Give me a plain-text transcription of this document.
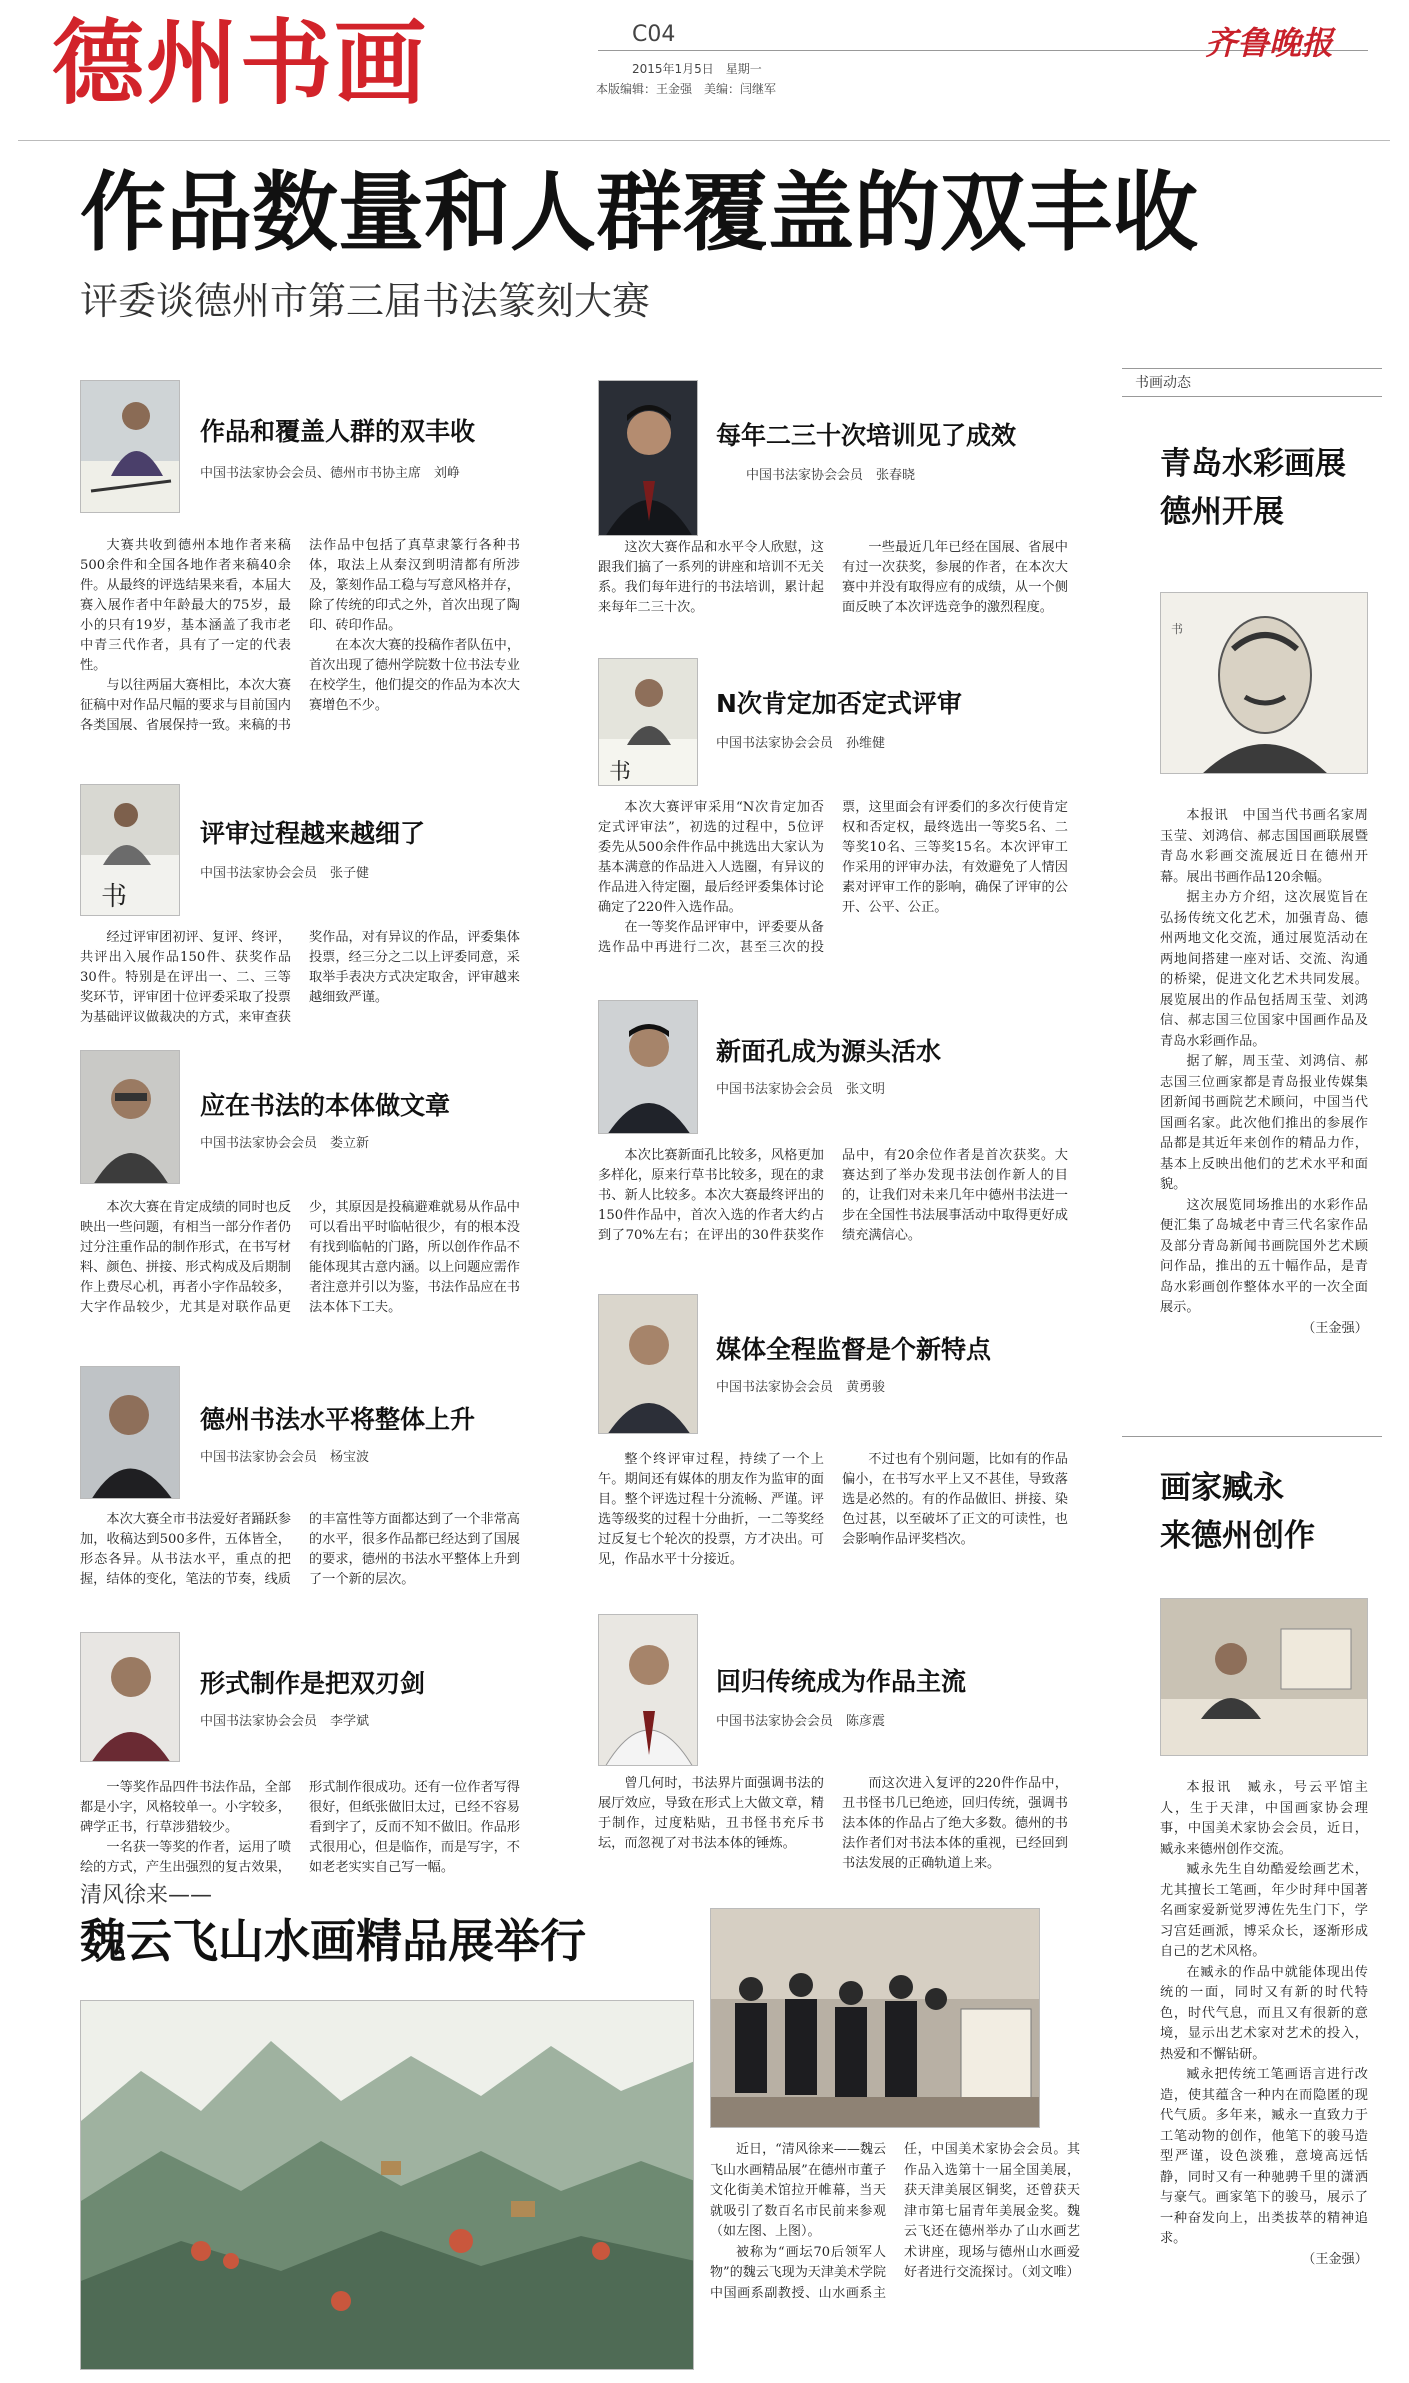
德州书画	C04
2015年1月5日　星期一
本版编辑：王金强　美编：闫继军
齐鲁晚报
作品数量和人群覆盖的双丰收
评委谈德州市第三届书法篆刻大赛
作品和覆盖人群的双丰收
中国书法家协会会员、德州市书协主席　刘峥

大赛共收到德州本地作者来稿500余件和全国各地作者来稿40余件。从最终的评选结果来看，本届大赛入展作者中年龄最大的75岁，最小的只有19岁，基本涵盖了我市老中青三代作者，具有了一定的代表性。

与以往两届大赛相比，本次大赛征稿中对作品尺幅的要求与目前国内各类国展、省展保持一致。来稿的书法作品中包括了真草隶篆行各种书体，取法上从秦汉到明清都有所涉及，篆刻作品工稳与写意风格并存，除了传统的印式之外，首次出现了陶印、砖印作品。

在本次大赛的投稿作者队伍中，首次出现了德州学院数十位书法专业在校学生，他们提交的作品为本次大赛增色不少。

书
评审过程越来越细了
中国书法家协会会员　张子健

经过评审团初评、复评、终评，共评出入展作品150件、获奖作品30件。特别是在评出一、二、三等奖环节，评审团十位评委采取了投票为基础评议做裁决的方式，来审查获奖作品，对有异议的作品，评委集体投票，经三分之二以上评委同意，采取举手表决方式决定取舍，评审越来越细致严谨。

应在书法的本体做文章
中国书法家协会会员　娄立新

本次大赛在肯定成绩的同时也反映出一些问题，有相当一部分作者仍过分注重作品的制作形式，在书写材料、颜色、拼接、形式构成及后期制作上费尽心机，再者小字作品较多，大字作品较少，尤其是对联作品更少，其原因是投稿避难就易从作品中可以看出平时临帖很少，有的根本没有找到临帖的门路，所以创作作品不能体现其古意内涵。以上问题应需作者注意并引以为鉴，书法作品应在书法本体下工夫。

德州书法水平将整体上升
中国书法家协会会员　杨宝波

本次大赛全市书法爱好者踊跃参加，收稿达到500多件，五体皆全，形态各异。从书法水平，重点的把握，结体的变化，笔法的节奏，线质的丰富性等方面都达到了一个非常高的水平，很多作品都已经达到了国展的要求，德州的书法水平整体上升到了一个新的层次。

形式制作是把双刃剑
中国书法家协会会员　李学斌

一等奖作品四件书法作品，全部都是小字，风格较单一。小字较多，碑学正书，行草涉猎较少。

一名获一等奖的作者，运用了喷绘的方式，产生出强烈的复古效果，形式制作很成功。还有一位作者写得很好，但纸张做旧太过，已经不容易看到字了，反而不知不做旧。作品形式很用心，但是临作，而是写字，不如老老实实自己写一幅。

每年二三十次培训见了成效
中国书法家协会会员　张春晓

这次大赛作品和水平令人欣慰，这跟我们搞了一系列的讲座和培训不无关系。我们每年进行的书法培训，累计起来每年二三十次。

一些最近几年已经在国展、省展中有过一次获奖，参展的作者，在本次大赛中并没有取得应有的成绩，从一个侧面反映了本次评选竞争的激烈程度。

书
N次肯定加否定式评审
中国书法家协会会员　孙维健

本次大赛评审采用“N次肯定加否定式评审法”，初选的过程中，5位评委先从500余件作品中挑选出大家认为基本满意的作品进入人选圈，有异议的作品进入待定圈，最后经评委集体讨论确定了220件入选作品。

在一等奖作品评审中，评委要从备选作品中再进行二次，甚至三次的投票，这里面会有评委们的多次行使肯定权和否定权，最终选出一等奖5名、二等奖10名、三等奖15名。本次评审工作采用的评审办法，有效避免了人情因素对评审工作的影响，确保了评审的公开、公平、公正。

新面孔成为源头活水
中国书法家协会会员　张文明

本次比赛新面孔比较多，风格更加多样化，原来行草书比较多，现在的隶书、新人比较多。本次大赛最终评出的150件作品中，首次入选的作者大约占到了70%左右；在评出的30件获奖作品中，有20余位作者是首次获奖。大赛达到了举办发现书法创作新人的目的，让我们对未来几年中德州书法进一步在全国性书法展事活动中取得更好成绩充满信心。

媒体全程监督是个新特点
中国书法家协会会员　黄勇骏

整个终评审过程，持续了一个上午。期间还有媒体的朋友作为监审的面目。整个评选过程十分流畅、严谨。评选等级奖的过程十分曲折，一二等奖经过反复七个轮次的投票，方才决出。可见，作品水平十分接近。

不过也有个别问题，比如有的作品偏小，在书写水平上又不甚佳，导致落选是必然的。有的作品做旧、拼接、染色过甚，以至破坏了正文的可读性，也会影响作品评奖档次。

回归传统成为作品主流
中国书法家协会会员　陈彦震

曾几何时，书法界片面强调书法的展厅效应，导致在形式上大做文章，精于制作，过度粘贴，丑书怪书充斥书坛，而忽视了对书法本体的锤炼。

而这次进入复评的220件作品中，丑书怪书几已绝迹，回归传统，强调书法本体的作品占了绝大多数。德州的书法作者们对书法本体的重视，已经回到书法发展的正确轨道上来。

书画动态
青岛水彩画展
德州开展
书

本报讯　中国当代书画名家周玉莹、刘鸿信、郝志国国画联展暨青岛水彩画交流展近日在德州开幕。展出书画作品120余幅。

据主办方介绍，这次展览旨在弘扬传统文化艺术，加强青岛、德州两地文化交流，通过展览活动在两地间搭建一座对话、交流、沟通的桥梁，促进文化艺术共同发展。展览展出的作品包括周玉莹、刘鸿信、郝志国三位国家中国画作品及青岛水彩画作品。

据了解，周玉莹、刘鸿信、郝志国三位画家都是青岛报业传媒集团新闻书画院艺术顾问，中国当代国画名家。此次他们推出的参展作品都是其近年来创作的精品力作，基本上反映出他们的艺术水平和面貌。

这次展览同场推出的水彩作品便汇集了岛城老中青三代名家作品及部分青岛新闻书画院国外艺术顾问作品，推出的五十幅作品，是青岛水彩画创作整体水平的一次全面展示。

（王金强）

画家臧永
来德州创作

本报讯　臧永，号云平馆主人，生于天津，中国画家协会理事，中国美术家协会会员，近日，臧永来德州创作交流。

臧永先生自幼酷爱绘画艺术，尤其擅长工笔画，年少时拜中国著名画家爱新觉罗溥佐先生门下，学习宫廷画派，博采众长，逐渐形成自己的艺术风格。

在臧永的作品中就能体现出传统的一面，同时又有新的时代特色，时代气息，而且又有很新的意境，显示出艺术家对艺术的投入，热爱和不懈钻研。

臧永把传统工笔画语言进行改造，使其蕴含一种内在而隐匿的现代气质。多年来，臧永一直致力于工笔动物的创作，他笔下的骏马造型严谨，设色淡雅，意境高远恬静，同时又有一种驰骋千里的潇洒与豪气。画家笔下的骏马，展示了一种奋发向上，出类拔萃的精神追求。

（王金强）

清风徐来——
魏云飞山水画精品展举行

近日，“清风徐来——魏云飞山水画精品展”在德州市董子文化街美术馆拉开帷幕，当天就吸引了数百名市民前来参观（如左图、上图）。

被称为“画坛70后领军人物”的魏云飞现为天津美术学院中国画系副教授、山水画系主任，中国美术家协会会员。其作品入选第十一届全国美展，获天津美展区铜奖，还曾获天津市第七届青年美展金奖。魏云飞还在德州举办了山水画艺术讲座，现场与德州山水画爱好者进行交流探讨。（刘文唯）
